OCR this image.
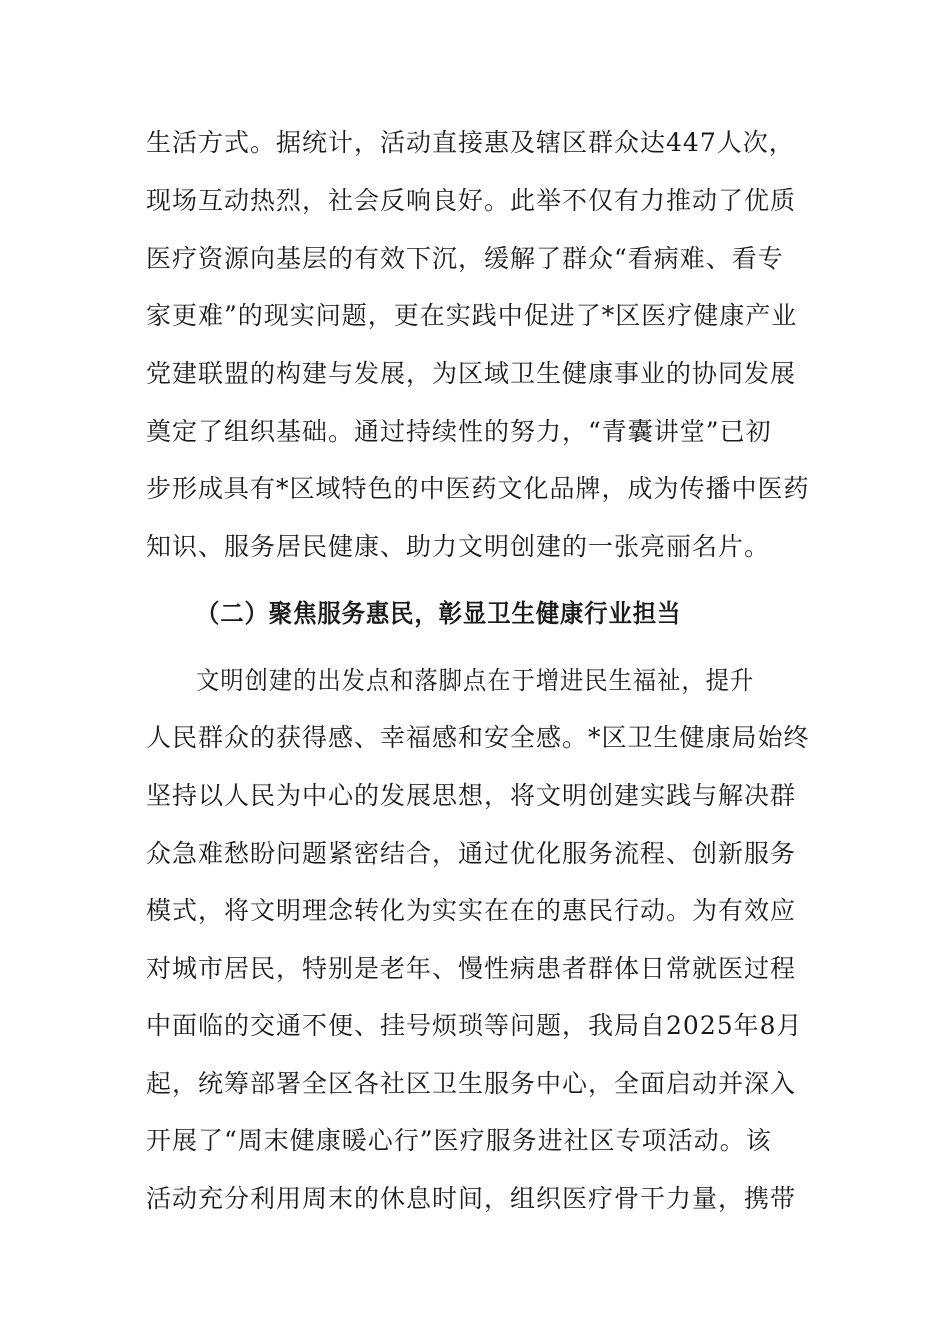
生活方式。据统计，活动直接惠及辖区群众达447人次，
现场互动热烈，社会反响良好。此举不仅有力推动了优质
医疗资源向基层的有效下沉，缓解了群众“看病难、看专
家更难”的现实问题，更在实践中促进了*区医疗健康产业
党建联盟的构建与发展，为区域卫生健康事业的协同发展
奠定了组织基础。通过持续性的努力，“青囊讲堂”已初
步形成具有*区域特色的中医药文化品牌，成为传播中医药
知识、服务居民健康、助力文明创建的一张亮丽名片。
（二）聚焦服务惠民，彰显卫生健康行业担当
文明创建的出发点和落脚点在于增进民生福祉，提升
人民群众的获得感、幸福感和安全感。*区卫生健康局始终
坚持以人民为中心的发展思想，将文明创建实践与解决群
众急难愁盼问题紧密结合，通过优化服务流程、创新服务
模式，将文明理念转化为实实在在的惠民行动。为有效应
对城市居民，特别是老年、慢性病患者群体日常就医过程
中面临的交通不便、挂号烦琐等问题，我局自2025年8月
起，统筹部署全区各社区卫生服务中心，全面启动并深入
开展了“周末健康暖心行”医疗服务进社区专项活动。该
活动充分利用周末的休息时间，组织医疗骨干力量，携带
